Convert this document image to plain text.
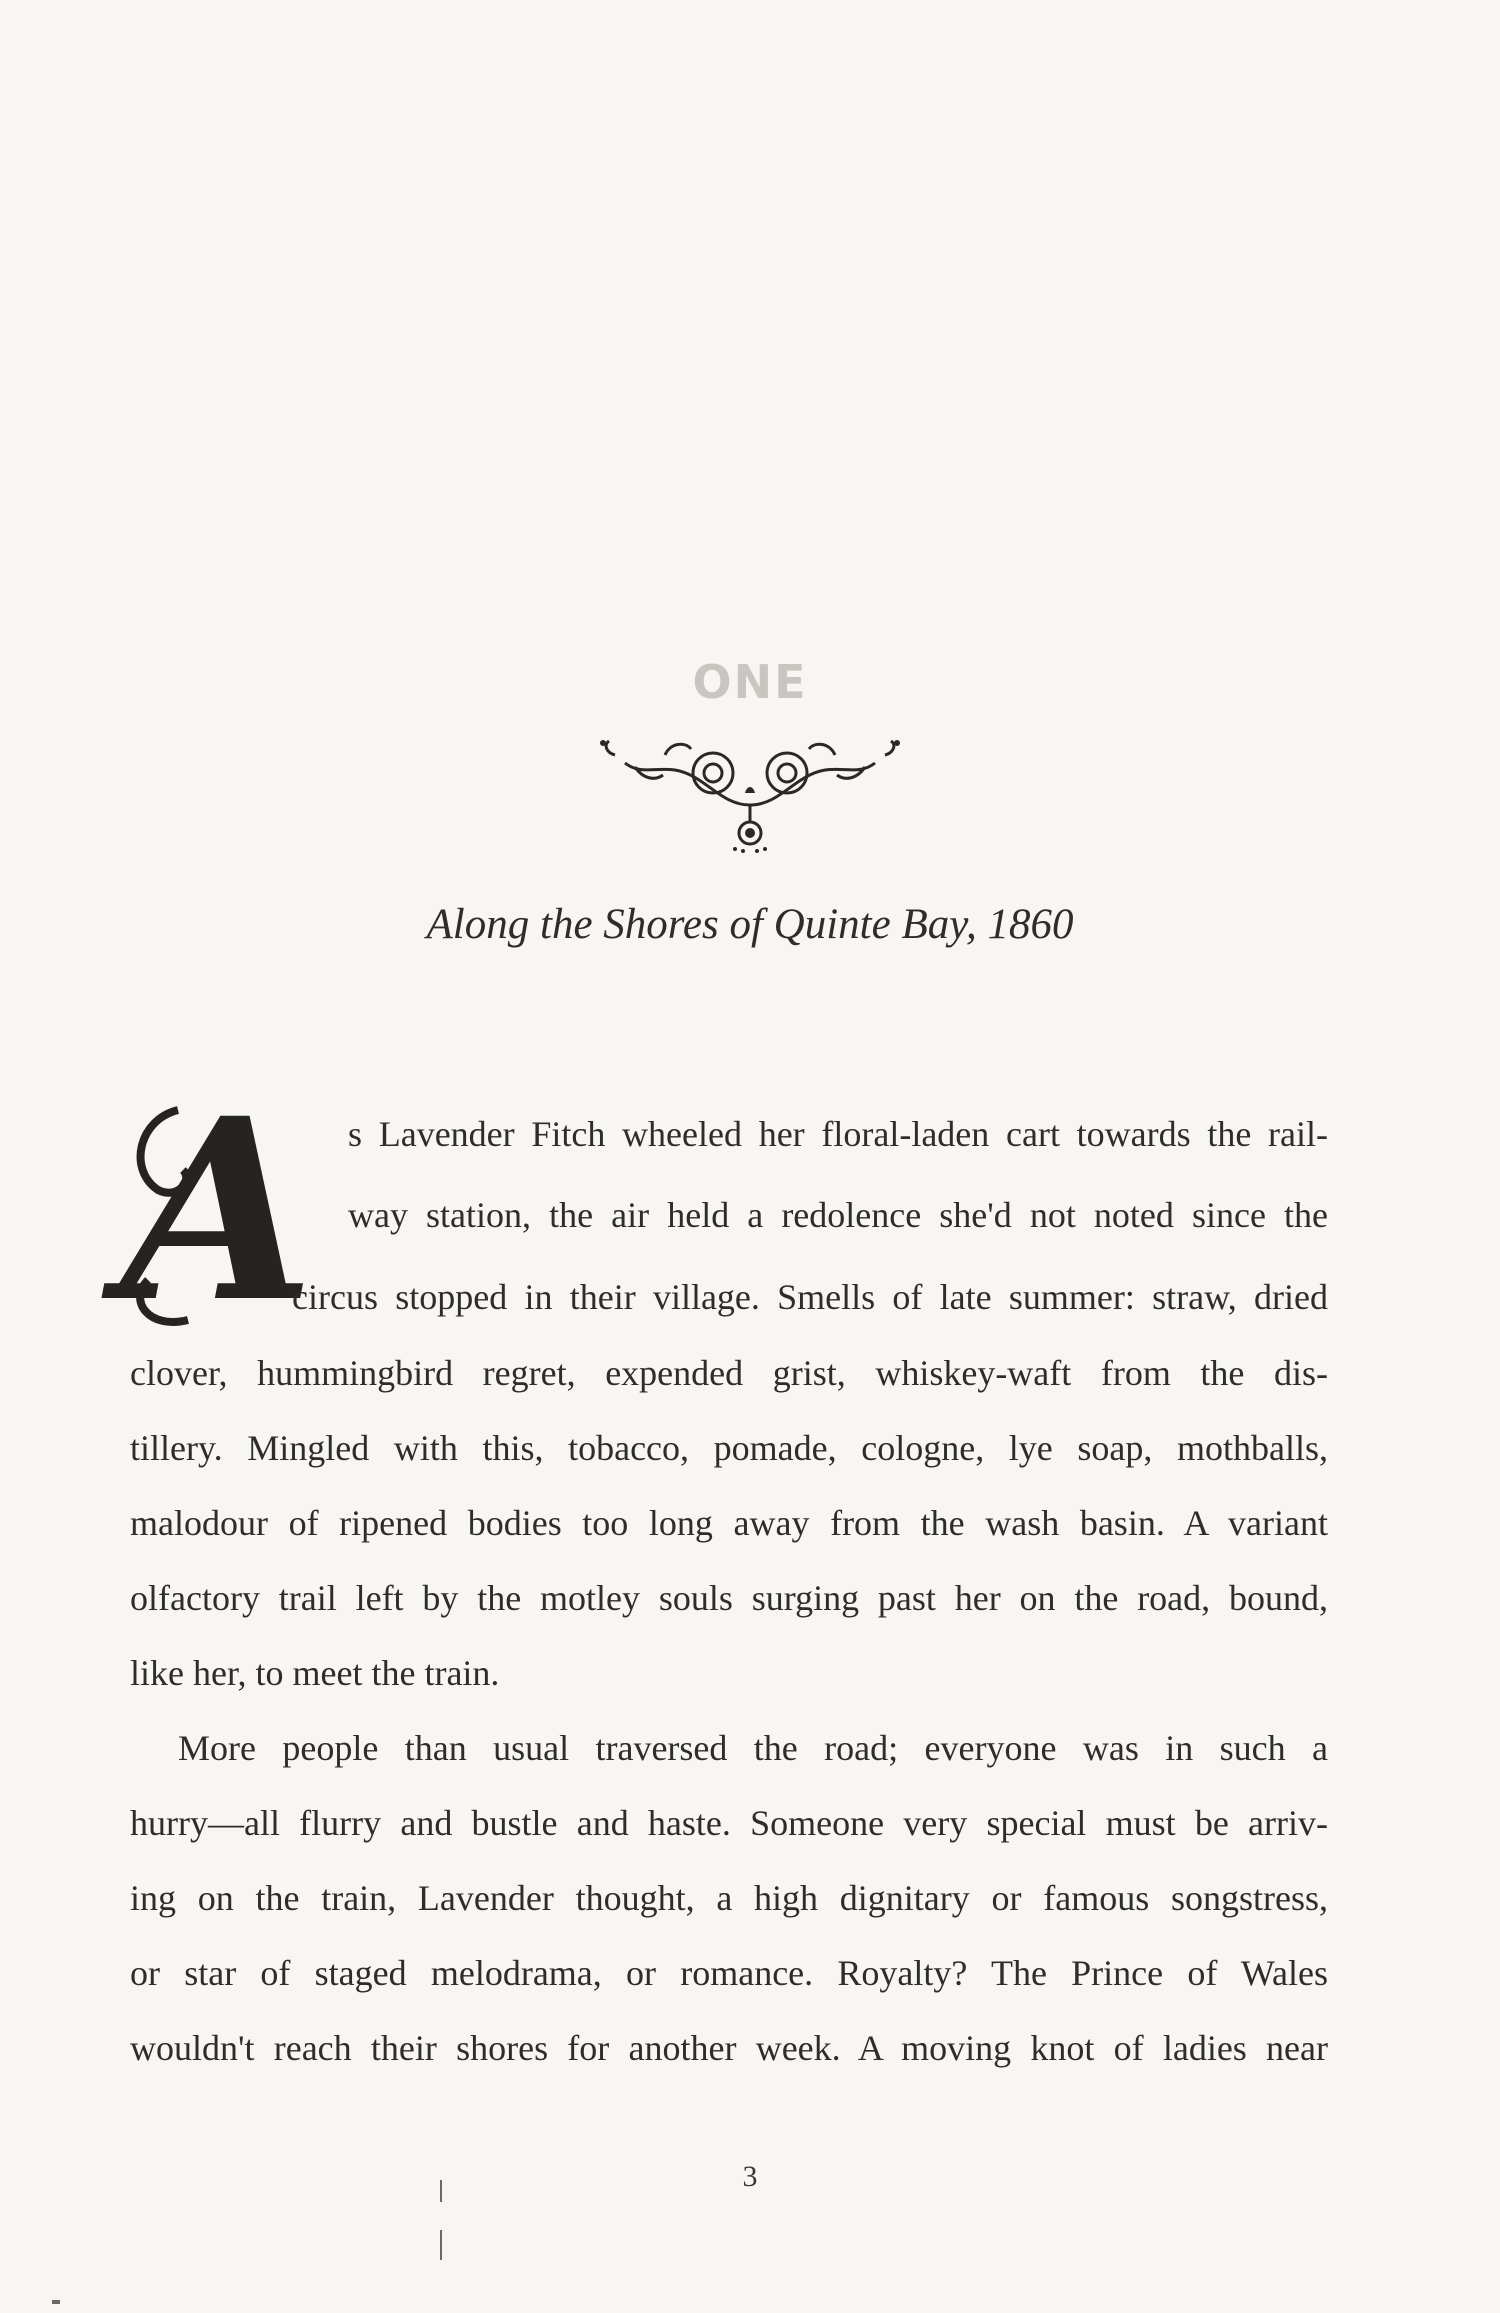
ONE
Along the Shores of Quinte Bay, 1860
A s Lavender Fitch wheeled her floral-laden cart towards the rail-
way station, the air held a redolence she'd not noted since the
circus stopped in their village. Smells of late summer: straw, dried
clover, hummingbird regret, expended grist, whiskey-waft from the dis-
tillery. Mingled with this, tobacco, pomade, cologne, lye soap, mothballs,
malodour of ripened bodies too long away from the wash basin. A variant
olfactory trail left by the motley souls surging past her on the road, bound,
like her, to meet the train.
More people than usual traversed the road; everyone was in such a
hurry—all flurry and bustle and haste. Someone very special must be arriv-
ing on the train, Lavender thought, a high dignitary or famous songstress,
or star of staged melodrama, or romance. Royalty? The Prince of Wales
wouldn't reach their shores for another week. A moving knot of ladies near
3
